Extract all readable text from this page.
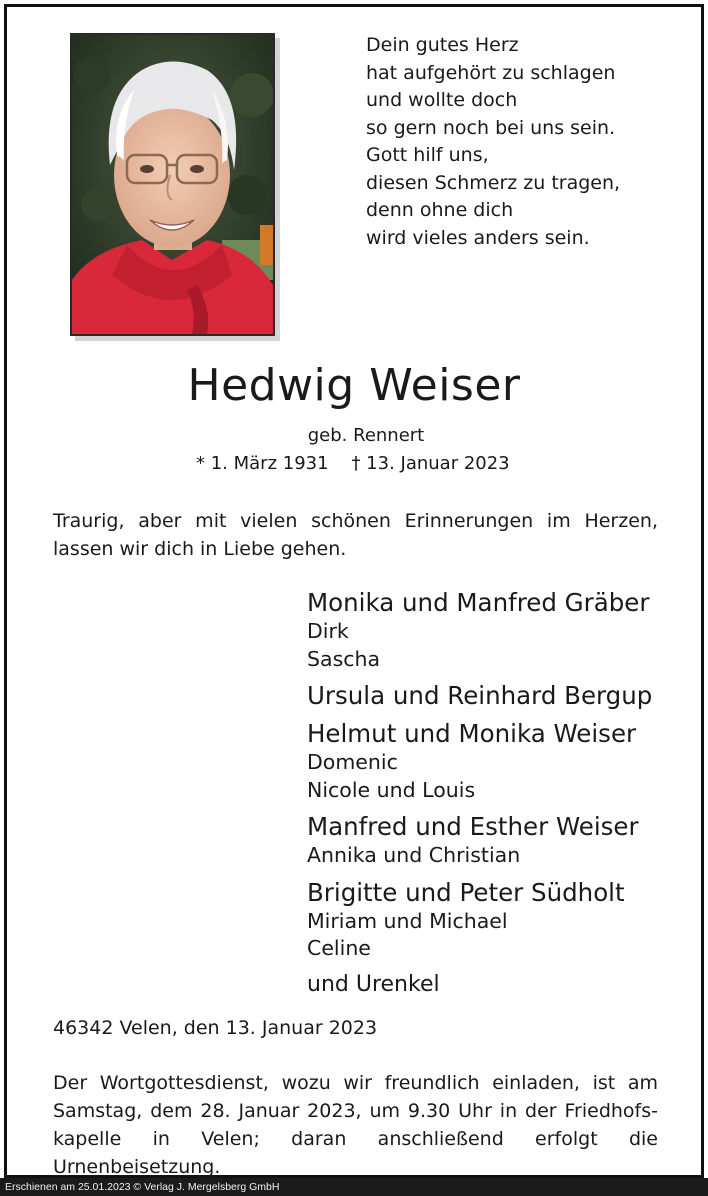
Dein gutes Herz
hat aufgehört zu schlagen
und wollte doch
so gern noch bei uns sein.
Gott hilf uns,
diesen Schmerz zu tragen,
denn ohne dich
wird vieles anders sein.
Hedwig Weiser
geb. Rennert
* 1. März 1931 † 13. Januar 2023
Traurig, aber mit vielen schönen Erinnerungen im Herzen, lassen wir dich in Liebe gehen.
Monika und Manfred Gräber
Dirk
Sascha
Ursula und Reinhard Bergup
Helmut und Monika Weiser
Domenic
Nicole und Louis
Manfred und Esther Weiser
Annika und Christian
Brigitte und Peter Südholt
Miriam und Michael
Celine
und Urenkel
46342 Velen, den 13. Januar 2023
Der Wortgottesdienst, wozu wir freundlich einladen, ist am Samstag, dem 28. Januar 2023, um 9.30 Uhr in der Friedhofs-kapelle in Velen; daran anschließend erfolgt die Urnenbeisetzung.
Erschienen am 25.01.2023 © Verlag J. Mergelsberg GmbH
